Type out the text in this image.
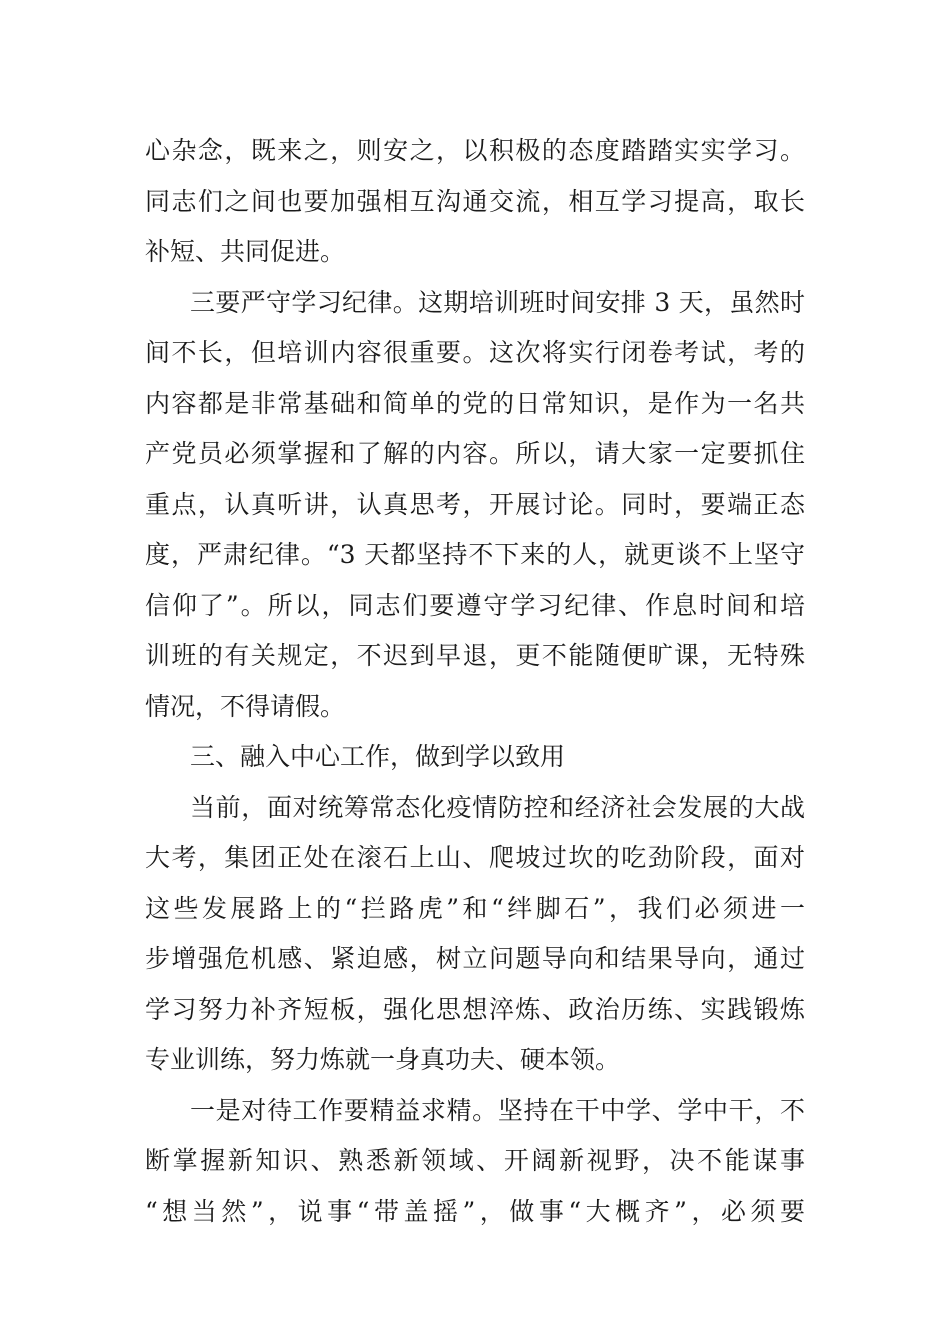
心杂念，既来之，则安之，以积极的态度踏踏实实学习。
同志们之间也要加强相互沟通交流，相互学习提高，取长
补短、共同促进。
三要严守学习纪律。这期培训班时间安排 3 天，虽然时
间不长，但培训内容很重要。这次将实行闭卷考试，考的
内容都是非常基础和简单的党的日常知识，是作为一名共
产党员必须掌握和了解的内容。所以，请大家一定要抓住
重点，认真听讲，认真思考，开展讨论。同时，要端正态
度，严肃纪律。“3 天都坚持不下来的人，就更谈不上坚守
信仰了”。所以，同志们要遵守学习纪律、作息时间和培
训班的有关规定，不迟到早退，更不能随便旷课，无特殊
情况，不得请假。
三、融入中心工作，做到学以致用
当前，面对统筹常态化疫情防控和经济社会发展的大战
大考，集团正处在滚石上山、爬坡过坎的吃劲阶段，面对
这些发展路上的“拦路虎”和“绊脚石”，我们必须进一
步增强危机感、紧迫感，树立问题导向和结果导向，通过
学习努力补齐短板，强化思想淬炼、政治历练、实践锻炼
专业训练，努力炼就一身真功夫、硬本领。
一是对待工作要精益求精。坚持在干中学、学中干，不
断掌握新知识、熟悉新领域、开阔新视野，决不能谋事
“想当然”，说事“带盖摇”，做事“大概齐”，必须要
